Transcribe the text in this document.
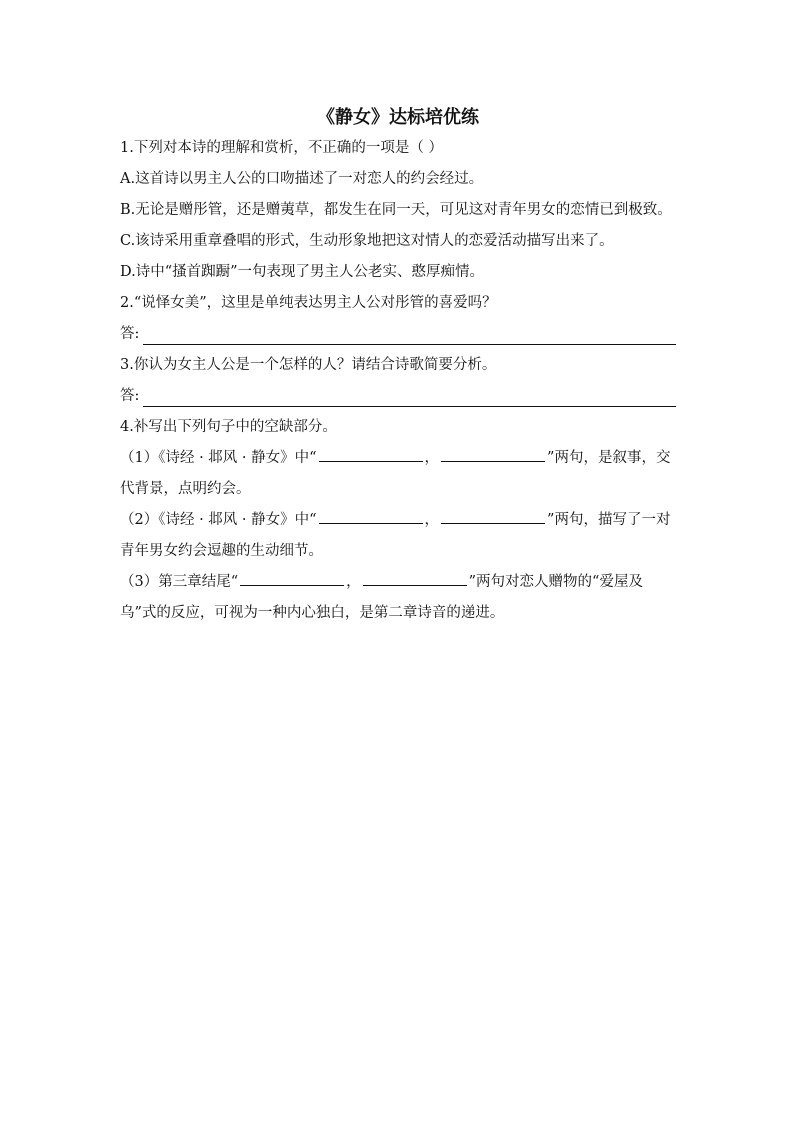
《静女》达标培优练
1.下列对本诗的理解和赏析，不正确的一项是（ ）
A.这首诗以男主人公的口吻描述了一对恋人的约会经过。
B.无论是赠彤管，还是赠荑草，都发生在同一天，可见这对青年男女的恋情已到极致。
C.该诗采用重章叠唱的形式，生动形象地把这对情人的恋爱活动描写出来了。
D.诗中“搔首踟蹰”一句表现了男主人公老实、憨厚痴情。
2.“说怿女美”，这里是单纯表达男主人公对彤管的喜爱吗？
答:
3.你认为女主人公是一个怎样的人？请结合诗歌简要分析。
答:
4.补写出下列句子中的空缺部分。
（1）《诗经 · 邶风 · 静女》中“	，	”两句，是叙事，交代背景，点明约会。
（2）《诗经 · 邶风 · 静女》中“	，	”两句，描写了一对青年男女约会逗趣的生动细节。
（3）第三章结尾“	，	”两句对恋人赠物的“爱屋及乌”式的反应，可视为一种内心独白，是第二章诗音的递进。
